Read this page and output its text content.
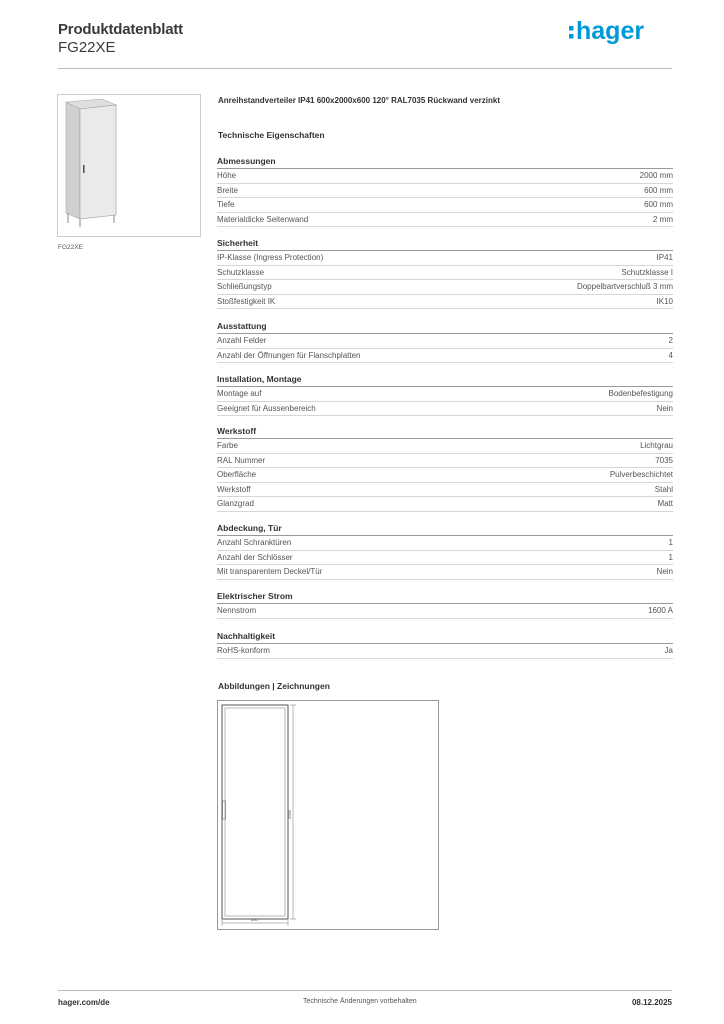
Produktdatenblatt
FG22XE
hager
FG22XE
Anreihstandverteiler IP41 600x2000x600 120° RAL7035 Rückwand verzinkt
Technische Eigenschaften
Abmessungen
Höhe	2000 mm
Breite	600 mm
Tiefe	600 mm
Materialdicke Seitenwand	2 mm
Sicherheit
IP-Klasse (Ingress Protection)	IP41
Schutzklasse	Schutzklasse I
Schließungstyp	Doppelbartverschluß 3 mm
Stoßfestigkeit IK	IK10
Ausstattung
Anzahl Felder	2
Anzahl der Öffnungen für Flanschplatten	4
Installation, Montage
Montage auf	Bodenbefestigung
Geeignet für Aussenbereich	Nein
Werkstoff
Farbe	Lichtgrau
RAL Nummer	7035
Oberfläche	Pulverbeschichtet
Werkstoff	Stahl
Glanzgrad	Matt
Abdeckung, Tür
Anzahl Schranktüren	1
Anzahl der Schlösser	1
Mit transparentem Deckel/Tür	Nein
Elektrischer Strom
Nennstrom	1600 A
Nachhaltigkeit
RoHS-konform	Ja
Abbildungen | Zeichnungen
2000
600
hager.com/de	Technische Änderungen vorbehalten	08.12.2025
